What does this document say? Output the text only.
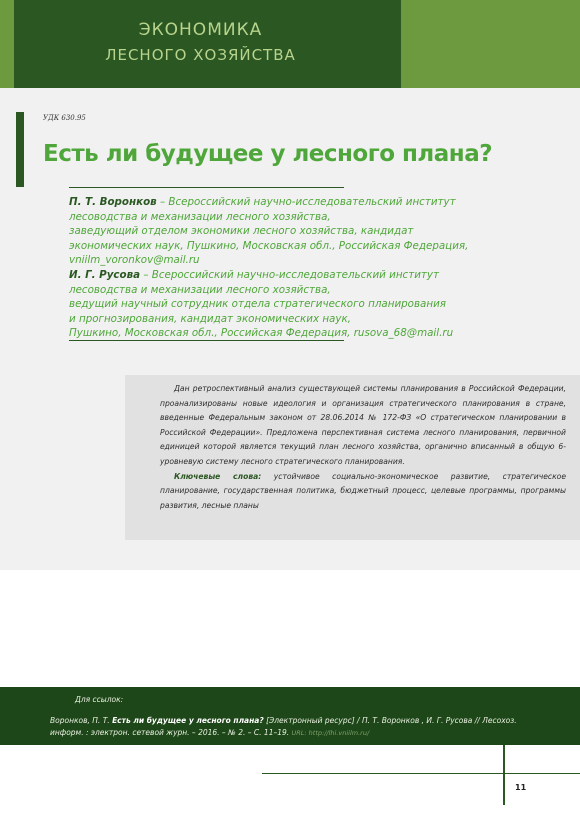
ЭКОНОМИКА
ЛЕСНОГО ХОЗЯЙСТВА
УДК 630.95
Есть ли будущее у лесного плана?
П. Т. Воронков – Всероссийский научно-исследовательский институт
лесоводства и механизации лесного хозяйства,
заведующий отделом экономики лесного хозяйства, кандидат
экономических наук, Пушкино, Московская обл., Российская Федерация,
vniilm_voronkov@mail.ru
И. Г. Русова – Всероссийский научно-исследовательский институт
лесоводства и механизации лесного хозяйства,
ведущий научный сотрудник отдела стратегического планирования
и прогнозирования, кандидат экономических наук,
Пушкино, Московская обл., Российская Федерация, rusova_68@mail.ru

Дан ретроспективный анализ существующей системы планирования в Российской Федерации, проанализированы новые идеология и организация стратегического планирования в стране, введенные Федеральным законом от 28.06.2014 № 172-ФЗ «О стратегическом планировании в Российской Федерации». Предложена перспективная система лесного планирования, первичной единицей которой является текущий план лесного хозяйства, органично вписанный в общую 6-уровневую систему лесного стратегического планирования.

Ключевые слова: устойчивое социально-экономическое развитие, стратегическое планирование, государственная политика, бюджетный процесс, целевые программы, программы развития, лесные планы

Для ссылок:
Воронков, П. Т. Есть ли будущее у лесного плана? [Электронный ресурс] / П. Т. Воронков , И. Г. Русова // Лесохоз. информ. : электрон. сетевой журн. – 2016. – № 2. – С. 11–19. URL: http://lhi.vniilm.ru/
11
